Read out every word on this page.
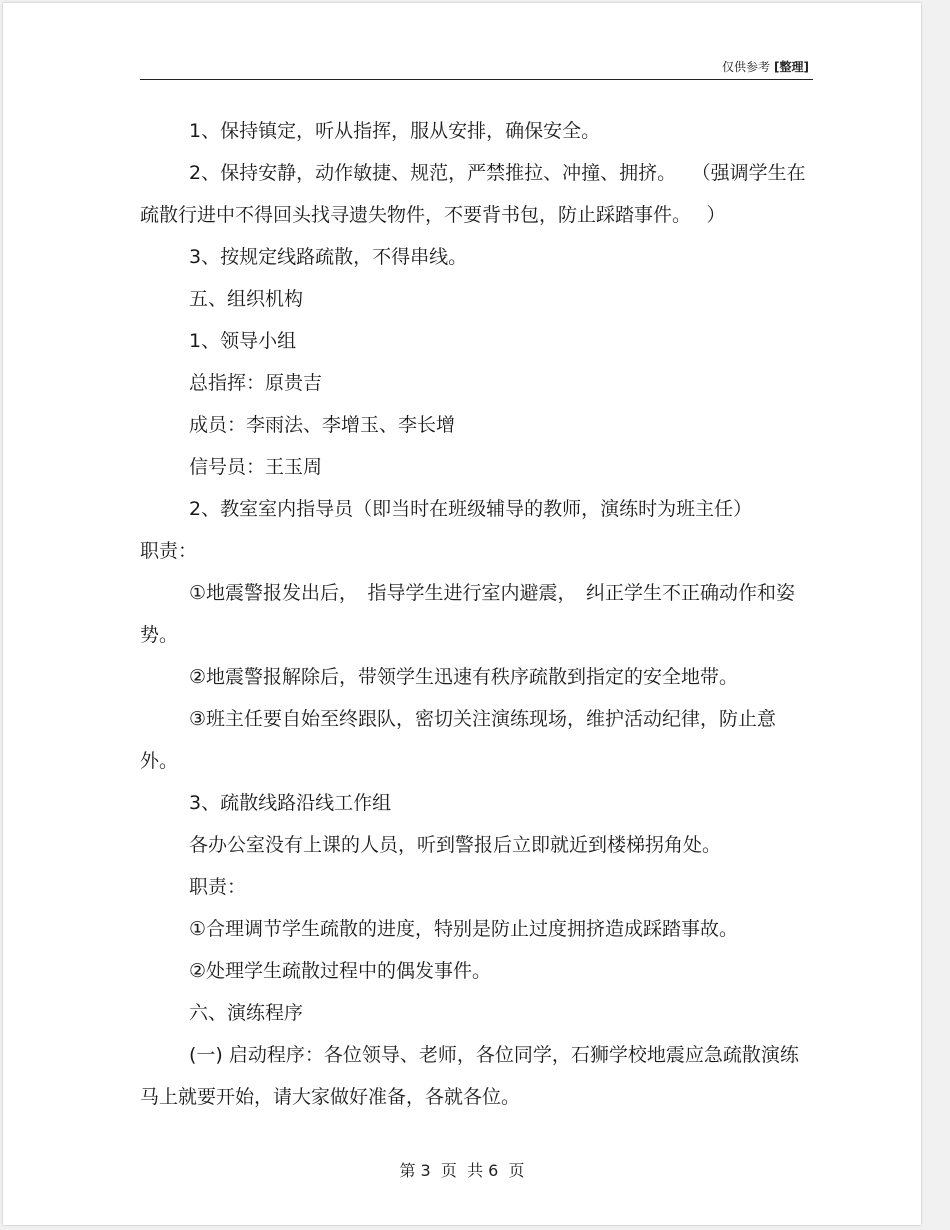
仅供参考 [整理]

1、保持镇定，听从指挥，服从安排，确保安全。

2、保持安静，动作敏捷、规范，严禁推拉、冲撞、拥挤。　 （强调学生在疏散行进中不得回头找寻遗失物件，不要背书包，防止踩踏事件。　 ）

3、按规定线路疏散，不得串线。

五、组织机构

1、领导小组

总指挥：原贵吉

成员：李雨法、李增玉、李长增

信号员：王玉周

2、教室室内指导员（即当时在班级辅导的教师，演练时为班主任）

职责：

①地震警报发出后，　指导学生进行室内避震，　纠正学生不正确动作和姿势。

②地震警报解除后，带领学生迅速有秩序疏散到指定的安全地带。

③班主任要自始至终跟队，密切关注演练现场，维护活动纪律，防止意外。

3、疏散线路沿线工作组

各办公室没有上课的人员，听到警报后立即就近到楼梯拐角处。

职责：

①合理调节学生疏散的进度，特别是防止过度拥挤造成踩踏事故。

②处理学生疏散过程中的偶发事件。

六、演练程序

(一) 启动程序：各位领导、老师，各位同学，石狮学校地震应急疏散演练马上就要开始，请大家做好准备，各就各位。

第 3  页  共 6  页
